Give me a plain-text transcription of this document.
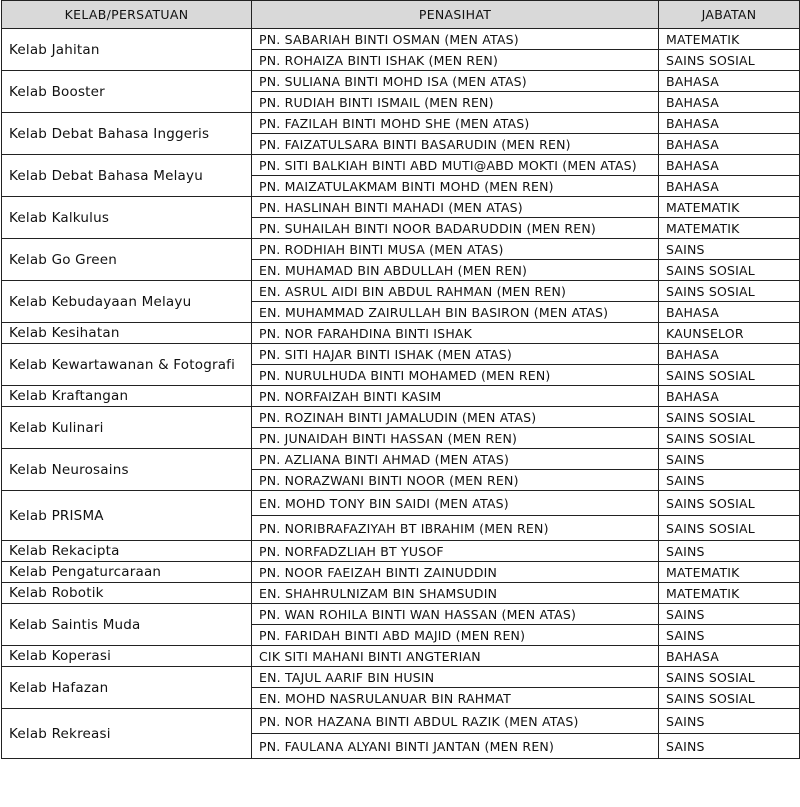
KELAB/PERSATUAN	PENASIHAT	JABATAN
Kelab Jahitan	PN. SABARIAH BINTI OSMAN (MEN ATAS)	MATEMATIK
	PN. ROHAIZA BINTI ISHAK (MEN REN)	SAINS SOSIAL
Kelab Booster	PN. SULIANA BINTI MOHD ISA (MEN ATAS)	BAHASA
	PN. RUDIAH BINTI ISMAIL (MEN REN)	BAHASA
Kelab Debat Bahasa Inggeris	PN. FAZILAH BINTI MOHD SHE (MEN ATAS)	BAHASA
	PN. FAIZATULSARA BINTI BASARUDIN (MEN REN)	BAHASA
Kelab Debat Bahasa Melayu	PN. SITI BALKIAH BINTI ABD MUTI@ABD MOKTI (MEN ATAS)	BAHASA
	PN. MAIZATULAKMAM BINTI MOHD (MEN REN)	BAHASA
Kelab Kalkulus	PN. HASLINAH BINTI MAHADI (MEN ATAS)	MATEMATIK
	PN. SUHAILAH BINTI NOOR BADARUDDIN (MEN REN)	MATEMATIK
Kelab Go Green	PN. RODHIAH BINTI MUSA (MEN ATAS)	SAINS
	EN. MUHAMAD BIN ABDULLAH (MEN REN)	SAINS SOSIAL
Kelab Kebudayaan Melayu	EN. ASRUL AIDI BIN ABDUL RAHMAN (MEN REN)	SAINS SOSIAL
	EN. MUHAMMAD ZAIRULLAH BIN BASIRON (MEN ATAS)	BAHASA
Kelab Kesihatan	PN. NOR FARAHDINA BINTI ISHAK	KAUNSELOR
Kelab Kewartawanan & Fotografi	PN. SITI HAJAR BINTI ISHAK (MEN ATAS)	BAHASA
	PN. NURULHUDA BINTI MOHAMED (MEN REN)	SAINS SOSIAL
Kelab Kraftangan	PN. NORFAIZAH BINTI KASIM	BAHASA
Kelab Kulinari	PN. ROZINAH BINTI JAMALUDIN (MEN ATAS)	SAINS SOSIAL
	PN. JUNAIDAH BINTI HASSAN (MEN REN)	SAINS SOSIAL
Kelab Neurosains	PN. AZLIANA BINTI AHMAD (MEN ATAS)	SAINS
	PN. NORAZWANI BINTI NOOR (MEN REN)	SAINS
Kelab PRISMA	EN. MOHD TONY BIN SAIDI (MEN ATAS)	SAINS SOSIAL
	PN. NORIBRAFAZIYAH BT IBRAHIM (MEN REN)	SAINS SOSIAL
Kelab Rekacipta	PN. NORFADZLIAH BT YUSOF	SAINS
Kelab Pengaturcaraan	PN. NOOR FAEIZAH BINTI ZAINUDDIN	MATEMATIK
Kelab Robotik	EN. SHAHRULNIZAM BIN SHAMSUDIN	MATEMATIK
Kelab Saintis Muda	PN. WAN ROHILA BINTI WAN HASSAN (MEN ATAS)	SAINS
	PN. FARIDAH BINTI ABD MAJID (MEN REN)	SAINS
Kelab Koperasi	CIK SITI MAHANI BINTI ANGTERIAN	BAHASA
Kelab Hafazan	EN. TAJUL AARIF BIN HUSIN	SAINS SOSIAL
	EN. MOHD NASRULANUAR BIN RAHMAT	SAINS SOSIAL
Kelab Rekreasi	PN. NOR HAZANA BINTI ABDUL RAZIK (MEN ATAS)	SAINS
	PN. FAULANA ALYANI BINTI JANTAN (MEN REN)	SAINS
